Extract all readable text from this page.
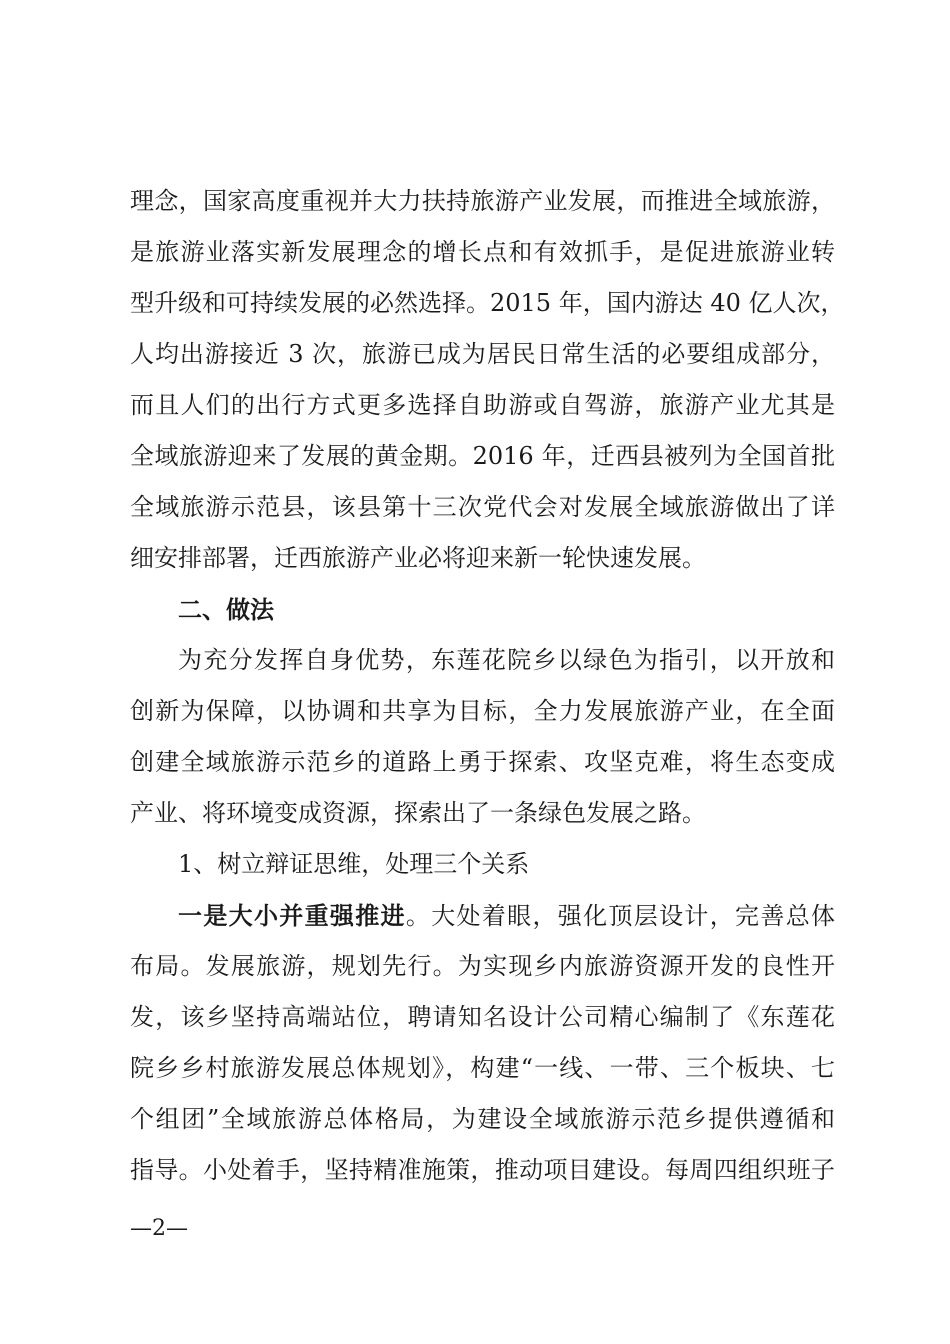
理念，国家高度重视并大力扶持旅游产业发展，而推进全域旅游，
是旅游业落实新发展理念的增长点和有效抓手，是促进旅游业转
型升级和可持续发展的必然选择。2015 年，国内游达 40 亿人次，
人均出游接近 3 次，旅游已成为居民日常生活的必要组成部分，
而且人们的出行方式更多选择自助游或自驾游，旅游产业尤其是
全域旅游迎来了发展的黄金期。2016 年，迁西县被列为全国首批
全域旅游示范县，该县第十三次党代会对发展全域旅游做出了详
细安排部署，迁西旅游产业必将迎来新一轮快速发展。
二、做法
为充分发挥自身优势，东莲花院乡以绿色为指引，以开放和
创新为保障，以协调和共享为目标，全力发展旅游产业，在全面
创建全域旅游示范乡的道路上勇于探索、攻坚克难，将生态变成
产业、将环境变成资源，探索出了一条绿色发展之路。
1、树立辩证思维，处理三个关系
一是大小并重强推进。大处着眼，强化顶层设计，完善总体
布局。发展旅游，规划先行。为实现乡内旅游资源开发的良性开
发，该乡坚持高端站位，聘请知名设计公司精心编制了《东莲花
院乡乡村旅游发展总体规划》，构建“一线、一带、三个板块、七
个组团”全域旅游总体格局，为建设全域旅游示范乡提供遵循和
指导。小处着手，坚持精准施策，推动项目建设。每周四组织班子
—2—
